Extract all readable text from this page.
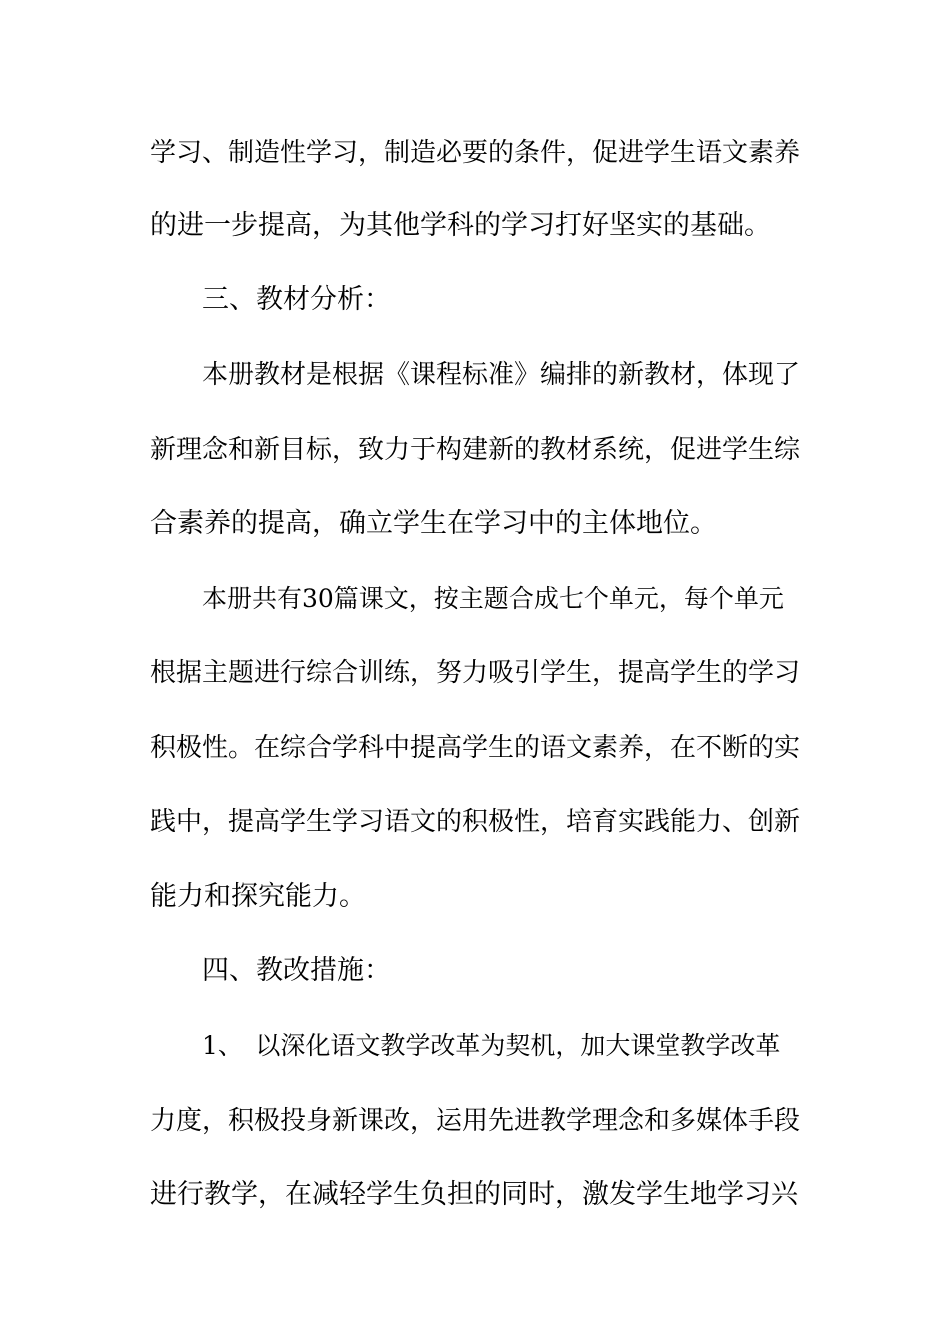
学习、制造性学习，制造必要的条件，促进学生语文素养
的进一步提高，为其他学科的学习打好坚实的基础。
三、教材分析：
本册教材是根据《课程标准》编排的新教材，体现了
新理念和新目标，致力于构建新的教材系统，促进学生综
合素养的提高，确立学生在学习中的主体地位。
本册共有30篇课文，按主题合成七个单元，每个单元
根据主题进行综合训练，努力吸引学生，提高学生的学习
积极性。在综合学科中提高学生的语文素养，在不断的实
践中，提高学生学习语文的积极性，培育实践能力、创新
能力和探究能力。
四、教改措施：
1、　以深化语文教学改革为契机，加大课堂教学改革
力度，积极投身新课改，运用先进教学理念和多媒体手段
进行教学，在减轻学生负担的同时，激发学生地学习兴
